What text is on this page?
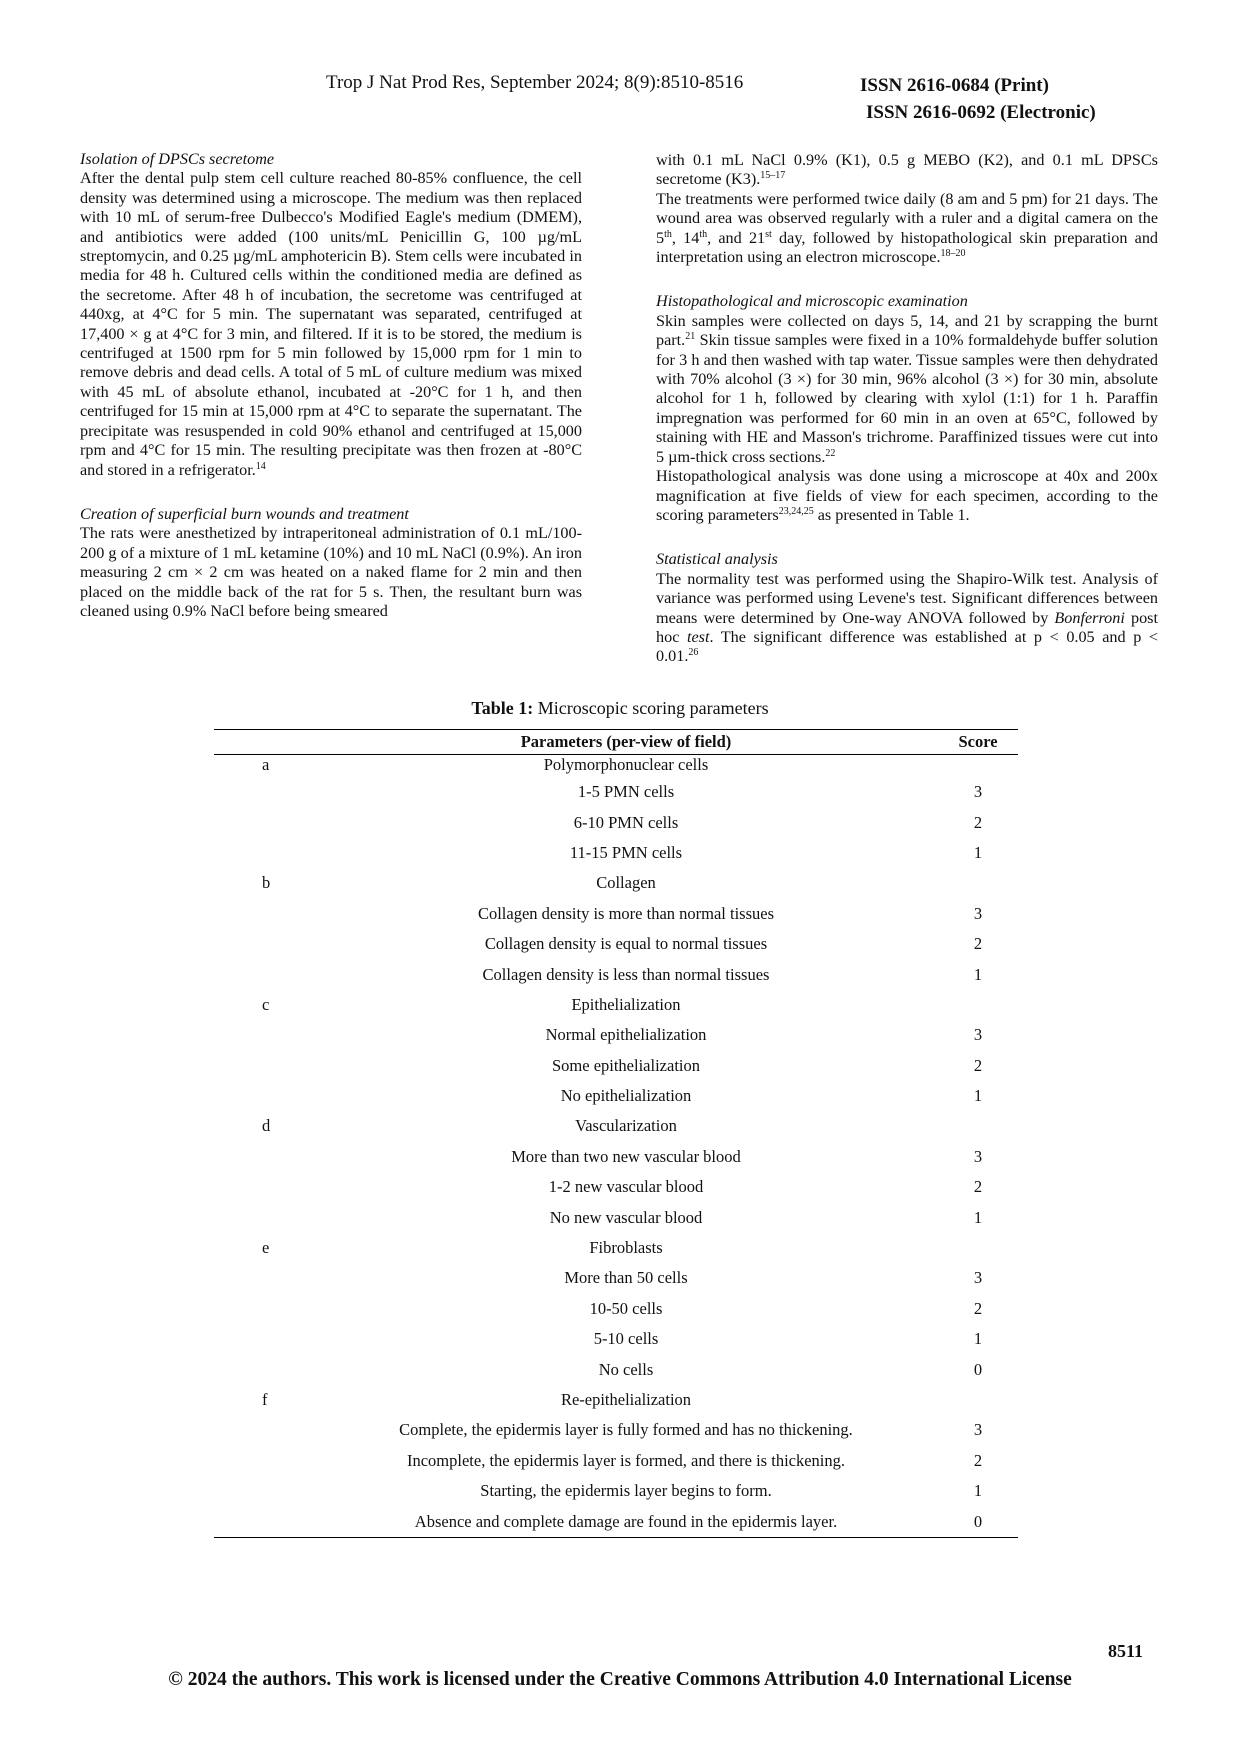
Trop J Nat Prod Res, September 2024; 8(9):8510-8516	ISSN 2616-0684 (Print)
ISSN 2616-0692 (Electronic)

Isolation of DPSCs secretome

After the dental pulp stem cell culture reached 80-85% confluence, the cell density was determined using a microscope. The medium was then replaced with 10 mL of serum-free Dulbecco's Modified Eagle's medium (DMEM), and antibiotics were added (100 units/mL Penicillin G, 100 µg/mL streptomycin, and 0.25 µg/mL amphotericin B). Stem cells were incubated in media for 48 h. Cultured cells within the conditioned media are defined as the secretome. After 48 h of incubation, the secretome was centrifuged at 440xg, at 4°C for 5 min. The supernatant was separated, centrifuged at 17,400 × g at 4°C for 3 min, and filtered. If it is to be stored, the medium is centrifuged at 1500 rpm for 5 min followed by 15,000 rpm for 1 min to remove debris and dead cells. A total of 5 mL of culture medium was mixed with 45 mL of absolute ethanol, incubated at -20°C for 1 h, and then centrifuged for 15 min at 15,000 rpm at 4°C to separate the supernatant. The precipitate was resuspended in cold 90% ethanol and centrifuged at 15,000 rpm and 4°C for 15 min. The resulting precipitate was then frozen at -80°C and stored in a refrigerator.$^{14}$

Creation of superficial burn wounds and treatment

The rats were anesthetized by intraperitoneal administration of 0.1 mL/100-200 g of a mixture of 1 mL ketamine (10%) and 10 mL NaCl (0.9%). An iron measuring 2 cm × 2 cm was heated on a naked flame for 2 min and then placed on the middle back of the rat for 5 s. Then, the resultant burn was cleaned using 0.9% NaCl before being smeared

with 0.1 mL NaCl 0.9% (K1), 0.5 g MEBO (K2), and 0.1 mL DPSCs secretome (K3).$^{15-17}$

The treatments were performed twice daily (8 am and 5 pm) for 21 days. The wound area was observed regularly with a ruler and a digital camera on the 5th, 14th, and 21st day, followed by histopathological skin preparation and interpretation using an electron microscope.$^{18-20}$

Histopathological and microscopic examination

Skin samples were collected on days 5, 14, and 21 by scrapping the burnt part.$^{21}$ Skin tissue samples were fixed in a 10% formaldehyde buffer solution for 3 h and then washed with tap water. Tissue samples were then dehydrated with 70% alcohol (3 ×) for 30 min, 96% alcohol (3 ×) for 30 min, absolute alcohol for 1 h, followed by clearing with xylol (1:1) for 1 h. Paraffin impregnation was performed for 60 min in an oven at 65°C, followed by staining with HE and Masson's trichrome. Paraffinized tissues were cut into 5 µm-thick cross sections.$^{22}$

Histopathological analysis was done using a microscope at 40x and 200x magnification at five fields of view for each specimen, according to the scoring parameters$^{23,24,25}$ as presented in Table 1.

Statistical analysis

The normality test was performed using the Shapiro-Wilk test. Analysis of variance was performed using Levene's test. Significant differences between means were determined by One-way ANOVA followed by Bonferroni post hoc test. The significant difference was established at p < 0.05 and p < 0.01.26

Table 1: Microscopic scoring parameters
	Parameters (per-view of field)	Score
a	Polymorphonuclear cells	
	1-5 PMN cells	3
	6-10 PMN cells	2
	11-15 PMN cells	1
b	Collagen	
	Collagen density is more than normal tissues	3
	Collagen density is equal to normal tissues	2
	Collagen density is less than normal tissues	1
c	Epithelialization	
	Normal epithelialization	3
	Some epithelialization	2
	No epithelialization	1
d	Vascularization	
	More than two new vascular blood	3
	1-2 new vascular blood	2
	No new vascular blood	1
e	Fibroblasts	
	More than 50 cells	3
	10-50 cells	2
	5-10 cells	1
	No cells	0
f	Re-epithelialization	
	Complete, the epidermis layer is fully formed and has no thickening.	3
	Incomplete, the epidermis layer is formed, and there is thickening.	2
	Starting, the epidermis layer begins to form.	1
	Absence and complete damage are found in the epidermis layer.	0
8511
© 2024 the authors. This work is licensed under the Creative Commons Attribution 4.0 International License
